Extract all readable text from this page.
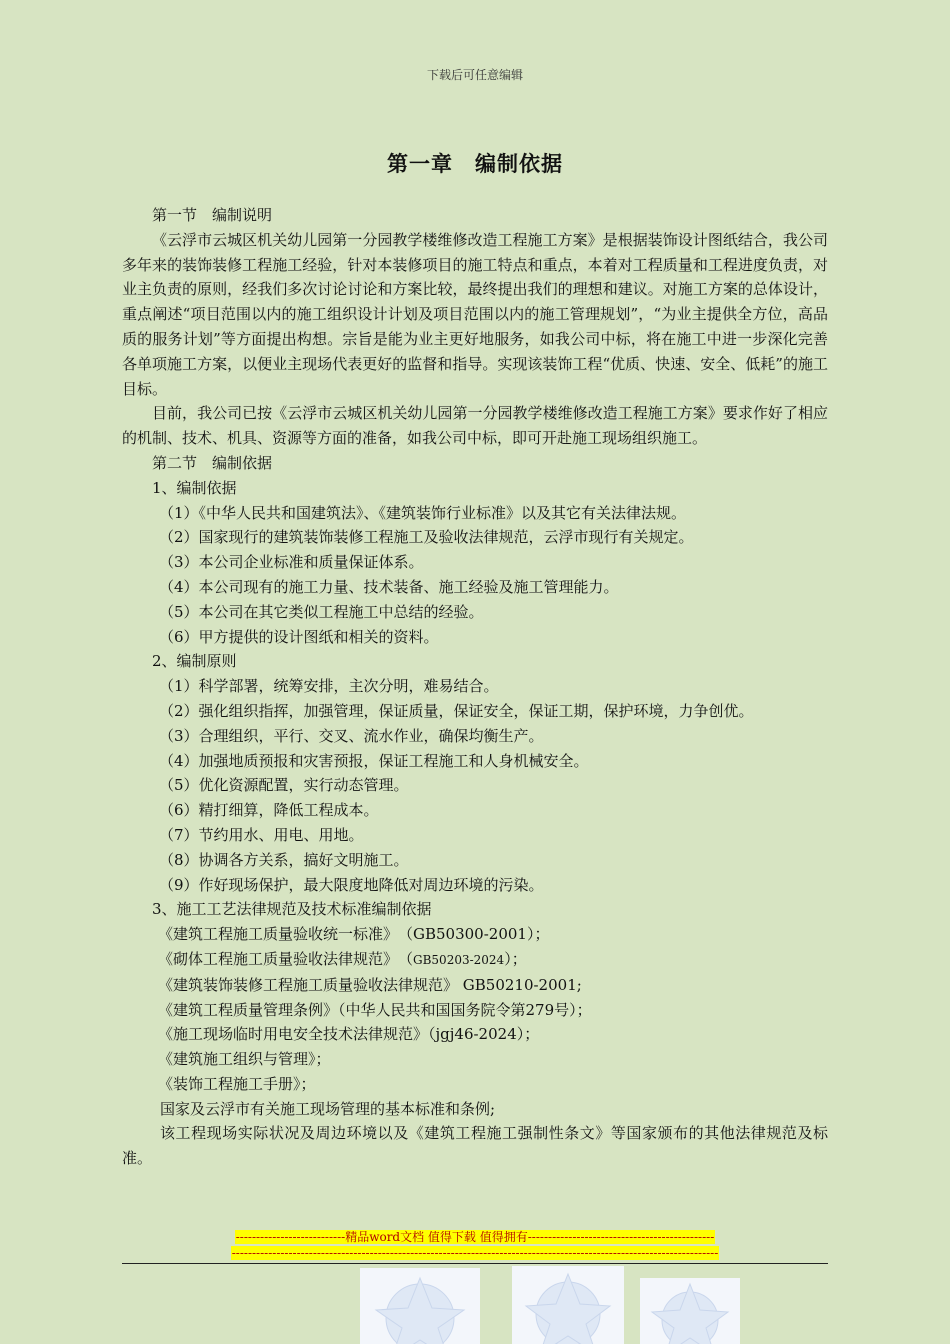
下载后可任意编辑
第一章　编制依据

第一节　编制说明

《云浮市云城区机关幼儿园第一分园教学楼维修改造工程施工方案》是根据装饰设计图纸结合，我公司多年来的装饰装修工程施工经验，针对本装修项目的施工特点和重点，本着对工程质量和工程进度负责，对业主负责的原则，经我们多次讨论讨论和方案比较，最终提出我们的理想和建议。对施工方案的总体设计，重点阐述“项目范围以内的施工组织设计计划及项目范围以内的施工管理规划”，“为业主提供全方位，高品质的服务计划”等方面提出构想。宗旨是能为业主更好地服务，如我公司中标，将在施工中进一步深化完善各单项施工方案，以便业主现场代表更好的监督和指导。实现该装饰工程“优质、快速、安全、低耗”的施工目标。

目前，我公司已按《云浮市云城区机关幼儿园第一分园教学楼维修改造工程施工方案》要求作好了相应的机制、技术、机具、资源等方面的准备，如我公司中标，即可开赴施工现场组织施工。

第二节　编制依据

1、编制依据

（1）《中华人民共和国建筑法》、《建筑装饰行业标准》以及其它有关法律法规。

（2）国家现行的建筑装饰装修工程施工及验收法律规范，云浮市现行有关规定。

（3）本公司企业标准和质量保证体系。

（4）本公司现有的施工力量、技术装备、施工经验及施工管理能力。

（5）本公司在其它类似工程施工中总结的经验。

（6）甲方提供的设计图纸和相关的资料。

2、编制原则

（1）科学部署，统筹安排，主次分明，难易结合。

（2）强化组织指挥，加强管理，保证质量，保证安全，保证工期，保护环境，力争创优。

（3）合理组织，平行、交叉、流水作业，确保均衡生产。

（4）加强地质预报和灾害预报，保证工程施工和人身机械安全。

（5）优化资源配置，实行动态管理。

（6）精打细算，降低工程成本。

（7）节约用水、用电、用地。

（8）协调各方关系，搞好文明施工。

（9）作好现场保护，最大限度地降低对周边环境的污染。

3、施工工艺法律规范及技术标准编制依据

《建筑工程施工质量验收统一标准》　（GB50300-2001）；

《砌体工程施工质量验收法律规范》　（GB50203-2024）；

《建筑装饰装修工程施工质量验收法律规范》 GB50210-2001;

《建筑工程质量管理条例》（中华人民共和国国务院令第279号）；

《施工现场临时用电安全技术法律规范》（jgj46-2024）；

《建筑施工组织与管理》；

《装饰工程施工手册》；

国家及云浮市有关施工现场管理的基本标准和条例;

该工程现场实际状况及周边环境以及《建筑工程施工强制性条文》等国家颁布的其他法律规范及标准。

---------------------------精品word文档 值得下载 值得拥有----------------------------------------------
------------------------------------------------------------------------------------------------------------------------
